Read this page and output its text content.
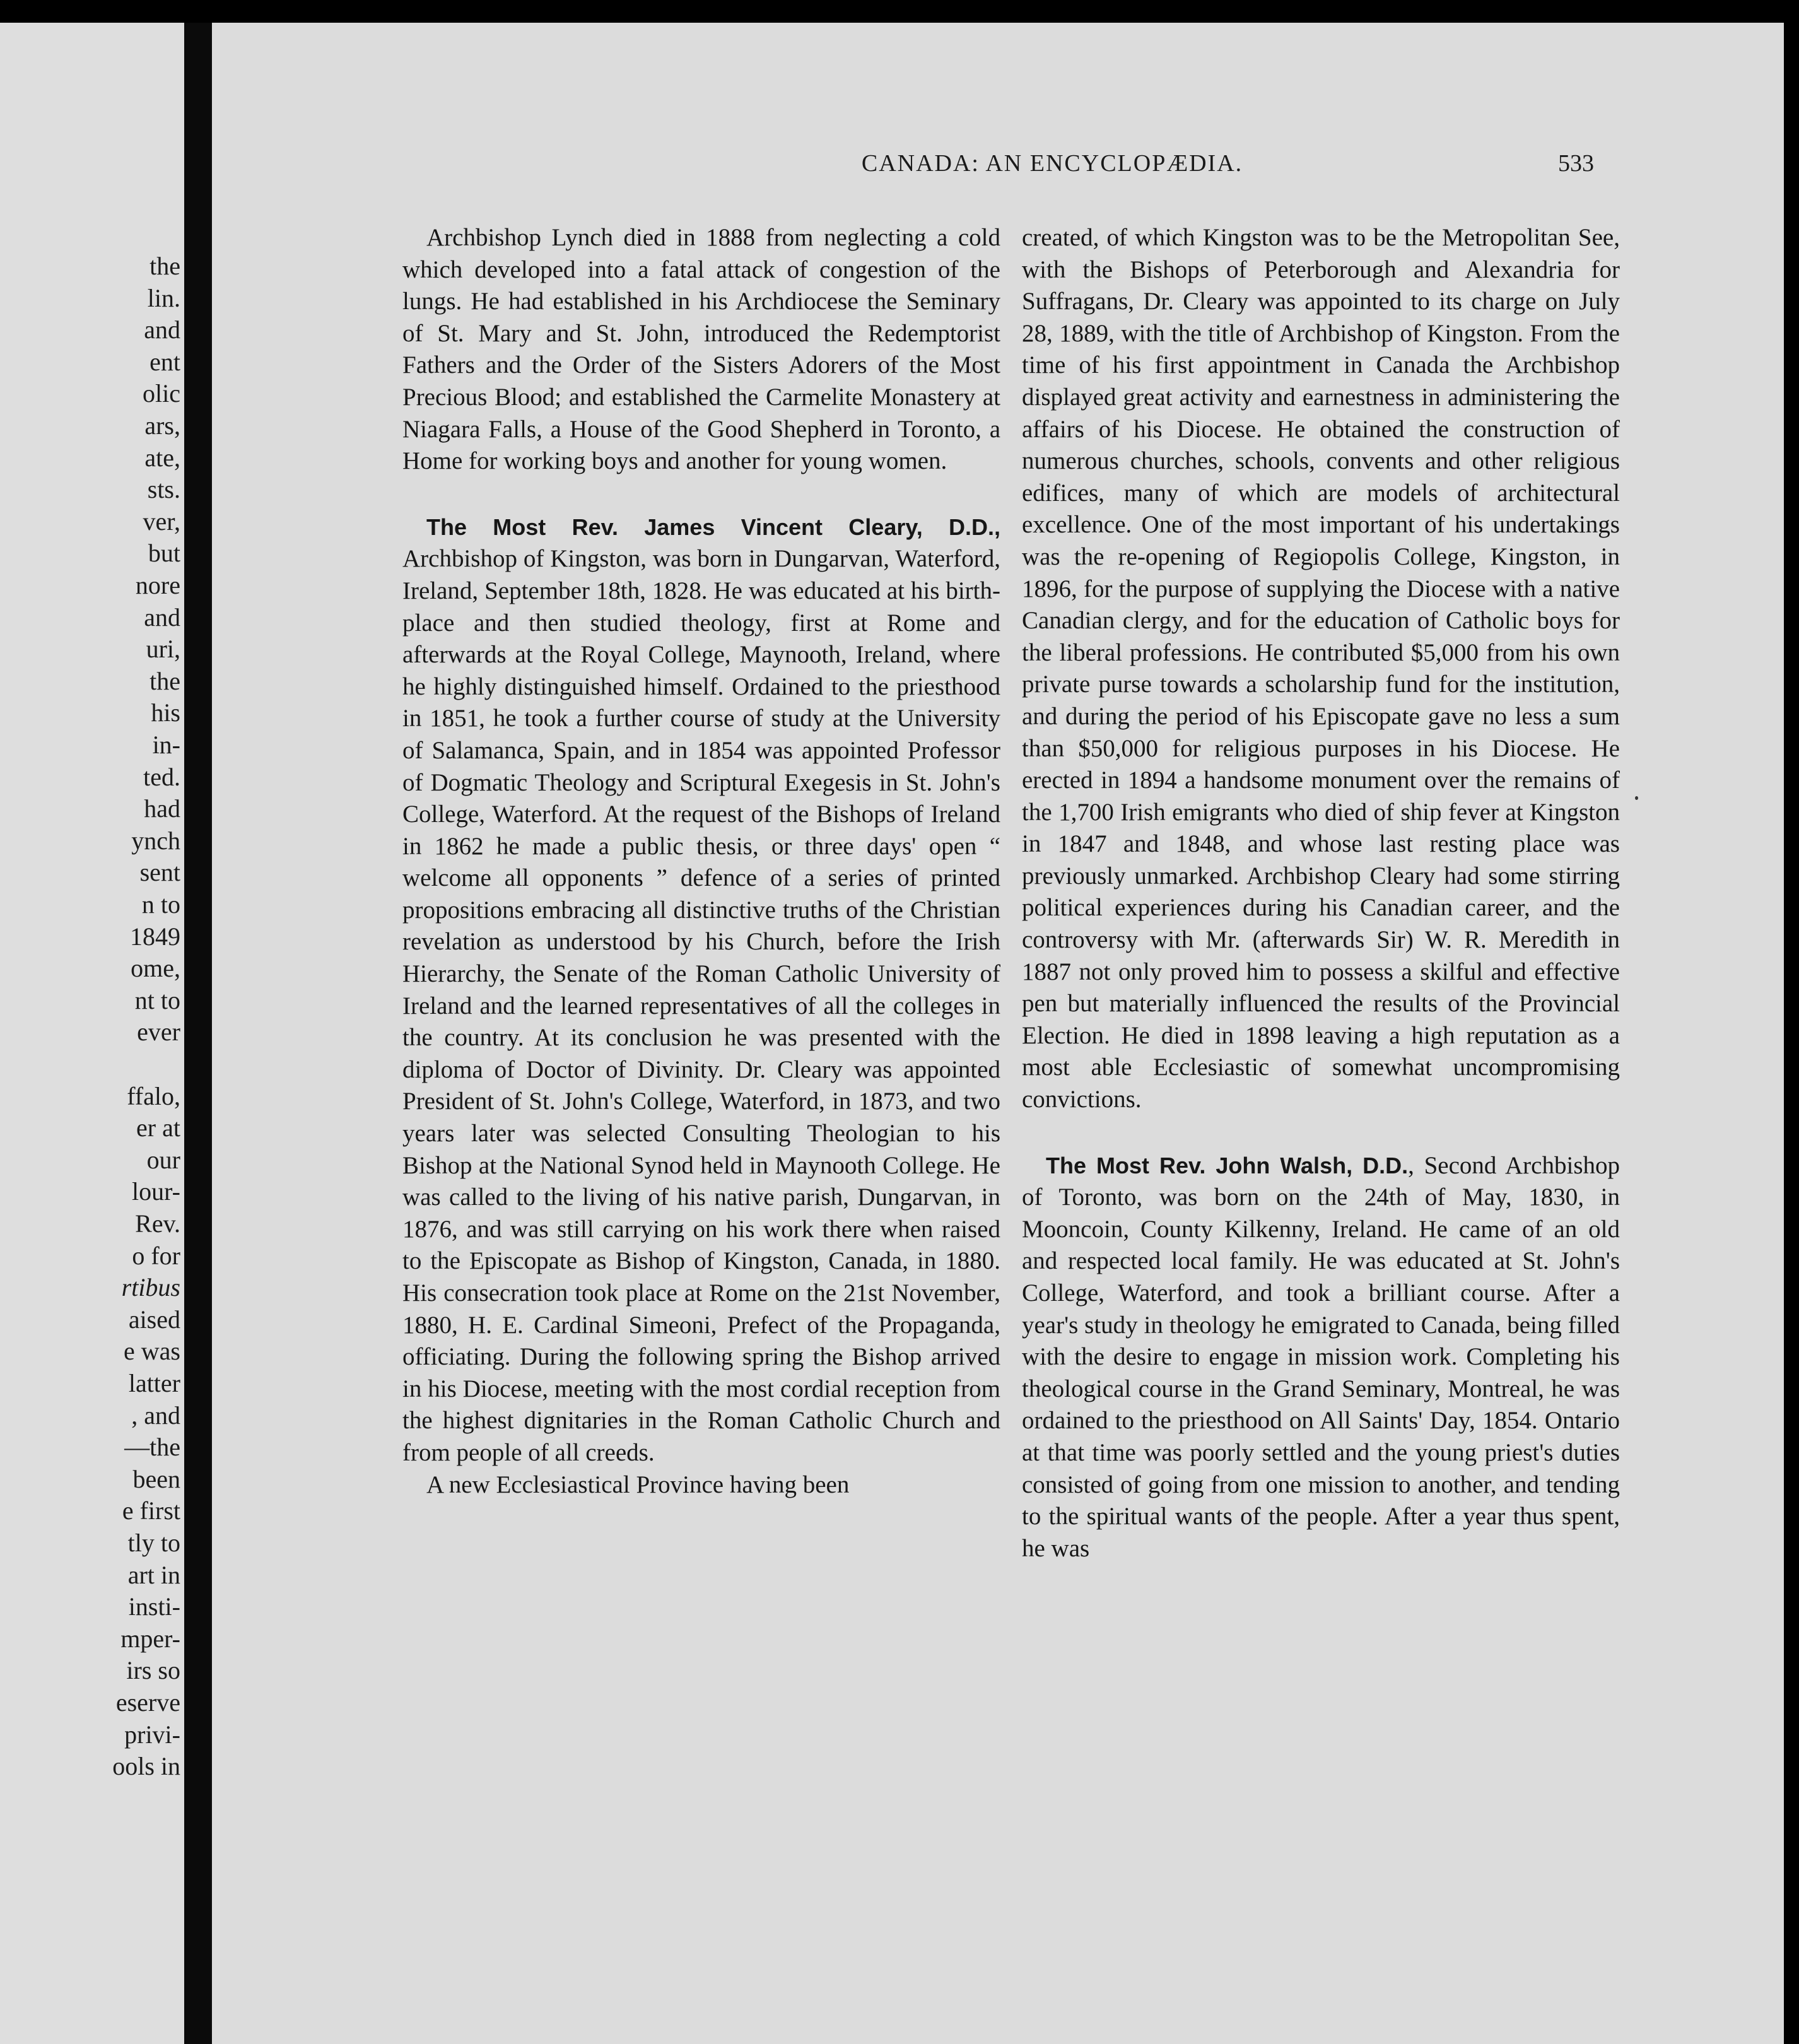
the
lin.
and
ent
olic
ars,
ate,
sts.
ver,
but
nore
and
uri,
the
his
in-
ted.
had
ynch
sent
n to
1849
ome,
nt to
ever
ffalo,
er at
our
lour-
Rev.
o for
rtibus
aised
e was
latter
, and
—the
been
e first
tly to
art in
insti-
mper-
irs so
eserve
privi-
ools in
CANADA: AN ENCYCLOPÆDIA.	533

Archbishop Lynch died in 1888 from neglecting a cold which developed into a fatal attack of congestion of the lungs. He had established in his Archdiocese the Seminary of St. Mary and St. John, introduced the Redemptorist Fathers and the Order of the Sisters Adorers of the Most Precious Blood; and established the Carmelite Monastery at Niagara Falls, a House of the Good Shepherd in Toronto, a Home for working boys and another for young women.

The Most Rev. James Vincent Cleary, D.D., Archbishop of Kingston, was born in Dungarvan, Waterford, Ireland, September 18th, 1828. He was educated at his birth-place and then studied theology, first at Rome and afterwards at the Royal College, Maynooth, Ireland, where he highly distinguished himself. Ordained to the priesthood in 1851, he took a further course of study at the University of Salamanca, Spain, and in 1854 was appointed Professor of Dogmatic Theology and Scriptural Exegesis in St. John's College, Waterford. At the request of the Bishops of Ireland in 1862 he made a public thesis, or three days' open “ welcome all opponents ” defence of a series of printed propositions embracing all distinctive truths of the Christian revelation as understood by his Church, before the Irish Hierarchy, the Senate of the Roman Catholic University of Ireland and the learned representatives of all the colleges in the country. At its conclusion he was presented with the diploma of Doctor of Divinity. Dr. Cleary was appointed President of St. John's College, Waterford, in 1873, and two years later was selected Consulting Theologian to his Bishop at the National Synod held in Maynooth College. He was called to the living of his native parish, Dungarvan, in 1876, and was still carrying on his work there when raised to the Episcopate as Bishop of Kingston, Canada, in 1880. His consecration took place at Rome on the 21st November, 1880, H. E. Cardinal Simeoni, Prefect of the Propaganda, officiating. During the following spring the Bishop arrived in his Diocese, meeting with the most cordial reception from the highest dignitaries in the Roman Catholic Church and from people of all creeds.

A new Ecclesiastical Province having been

created, of which Kingston was to be the Metropolitan See, with the Bishops of Peterborough and Alexandria for Suffragans, Dr. Cleary was appointed to its charge on July 28, 1889, with the title of Archbishop of Kingston. From the time of his first appointment in Canada the Archbishop displayed great activity and earnestness in administering the affairs of his Diocese. He obtained the construction of numerous churches, schools, convents and other religious edifices, many of which are models of architectural excellence. One of the most important of his undertakings was the re-opening of Regiopolis College, Kingston, in 1896, for the purpose of supplying the Diocese with a native Canadian clergy, and for the education of Catholic boys for the liberal professions. He contributed $5,000 from his own private purse towards a scholarship fund for the institution, and during the period of his Episcopate gave no less a sum than $50,000 for religious purposes in his Diocese. He erected in 1894 a handsome monument over the remains of the 1,700 Irish emigrants who died of ship fever at Kingston in 1847 and 1848, and whose last resting place was previously unmarked. Archbishop Cleary had some stirring political experiences during his Canadian career, and the controversy with Mr. (afterwards Sir) W. R. Meredith in 1887 not only proved him to possess a skilful and effective pen but materially influenced the results of the Provincial Election. He died in 1898 leaving a high reputation as a most able Ecclesiastic of somewhat uncompromising convictions.

The Most Rev. John Walsh, D.D., Second Archbishop of Toronto, was born on the 24th of May, 1830, in Mooncoin, County Kilkenny, Ireland. He came of an old and respected local family. He was educated at St. John's College, Waterford, and took a brilliant course. After a year's study in theology he emigrated to Canada, being filled with the desire to engage in mission work. Completing his theological course in the Grand Seminary, Montreal, he was ordained to the priesthood on All Saints' Day, 1854. Ontario at that time was poorly settled and the young priest's duties consisted of going from one mission to another, and tending to the spiritual wants of the people. After a year thus spent, he was
